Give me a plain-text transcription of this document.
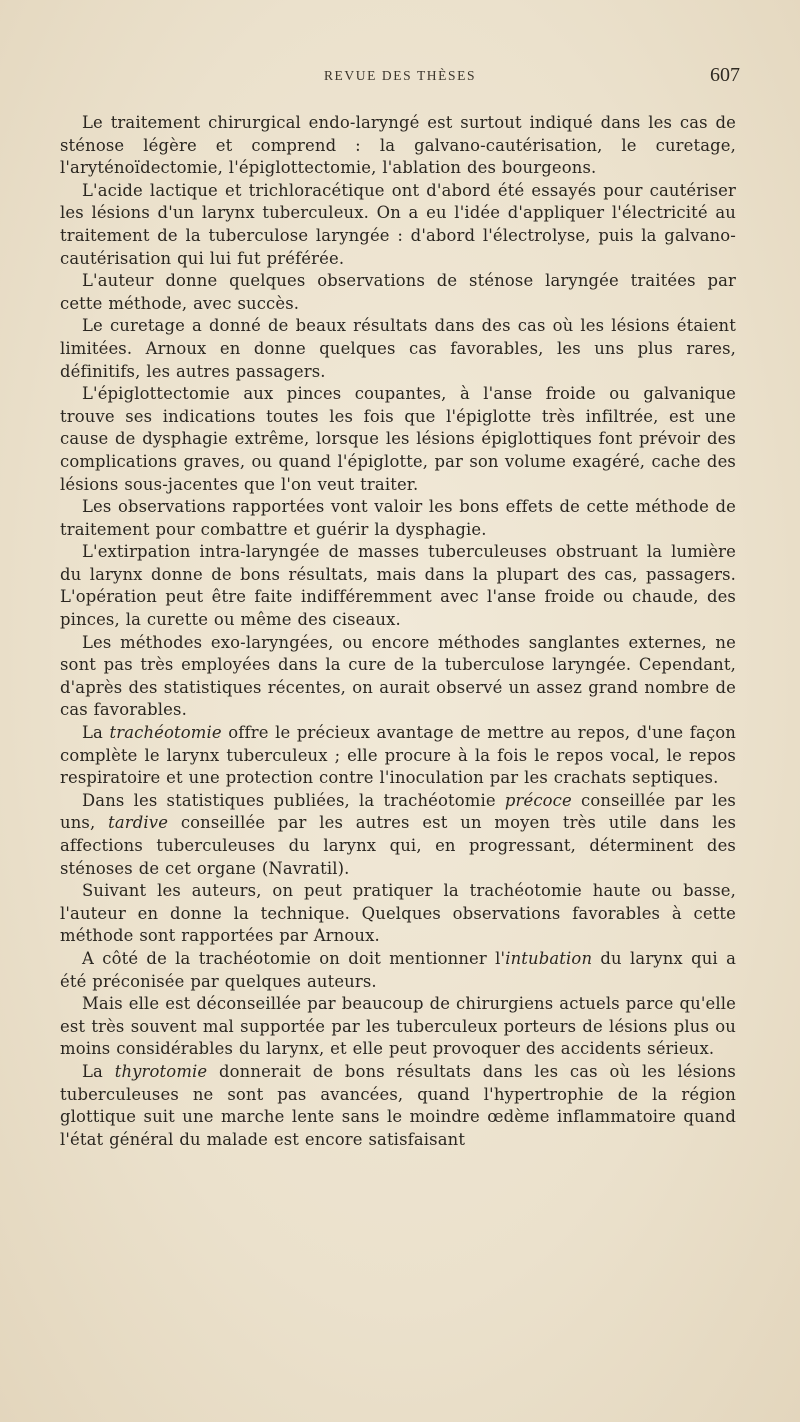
REVUE DES THÈSES	607

Le traitement chirurgical endo-laryngé est surtout indiqué dans les cas de sténose légère et comprend : la galvano-cautérisation, le curetage, l'aryténoïdectomie, l'épiglottectomie, l'ablation des bourgeons.

L'acide lactique et trichloracétique ont d'abord été essayés pour cautériser les lésions d'un larynx tuberculeux. On a eu l'idée d'appliquer l'électricité au traitement de la tuberculose laryngée : d'abord l'électrolyse, puis la galvano-cautérisation qui lui fut préférée.

L'auteur donne quelques observations de sténose laryngée traitées par cette méthode, avec succès.

Le curetage a donné de beaux résultats dans des cas où les lésions étaient limitées. Arnoux en donne quelques cas favorables, les uns plus rares, définitifs, les autres passagers.

L'épiglottectomie aux pinces coupantes, à l'anse froide ou galvanique trouve ses indications toutes les fois que l'épiglotte très infiltrée, est une cause de dysphagie extrême, lorsque les lésions épiglottiques font prévoir des complications graves, ou quand l'épiglotte, par son volume exagéré, cache des lésions sous-jacentes que l'on veut traiter.

Les observations rapportées vont valoir les bons effets de cette méthode de traitement pour combattre et guérir la dysphagie.

L'extirpation intra-laryngée de masses tuberculeuses obstruant la lumière du larynx donne de bons résultats, mais dans la plupart des cas, passagers. L'opération peut être faite indifféremment avec l'anse froide ou chaude, des pinces, la curette ou même des ciseaux.

Les méthodes exo-laryngées, ou encore méthodes sanglantes externes, ne sont pas très employées dans la cure de la tuberculose laryngée. Cependant, d'après des statistiques récentes, on aurait observé un assez grand nombre de cas favorables.

La trachéotomie offre le précieux avantage de mettre au repos, d'une façon complète le larynx tuberculeux ; elle procure à la fois le repos vocal, le repos respiratoire et une protection contre l'inoculation par les crachats septiques.

Dans les statistiques publiées, la trachéotomie précoce conseillée par les uns, tardive conseillée par les autres est un moyen très utile dans les affections tuberculeuses du larynx qui, en progressant, déterminent des sténoses de cet organe (Navratil).

Suivant les auteurs, on peut pratiquer la trachéotomie haute ou basse, l'auteur en donne la technique. Quelques observations favorables à cette méthode sont rapportées par Arnoux.

A côté de la trachéotomie on doit mentionner l'intubation du larynx qui a été préconisée par quelques auteurs.

Mais elle est déconseillée par beaucoup de chirurgiens actuels parce qu'elle est très souvent mal supportée par les tuberculeux porteurs de lésions plus ou moins considérables du larynx, et elle peut provoquer des accidents sérieux.

La thyrotomie donnerait de bons résultats dans les cas où les lésions tuberculeuses ne sont pas avancées, quand l'hypertrophie de la région glottique suit une marche lente sans le moindre œdème inflammatoire quand l'état général du malade est encore satisfaisant
